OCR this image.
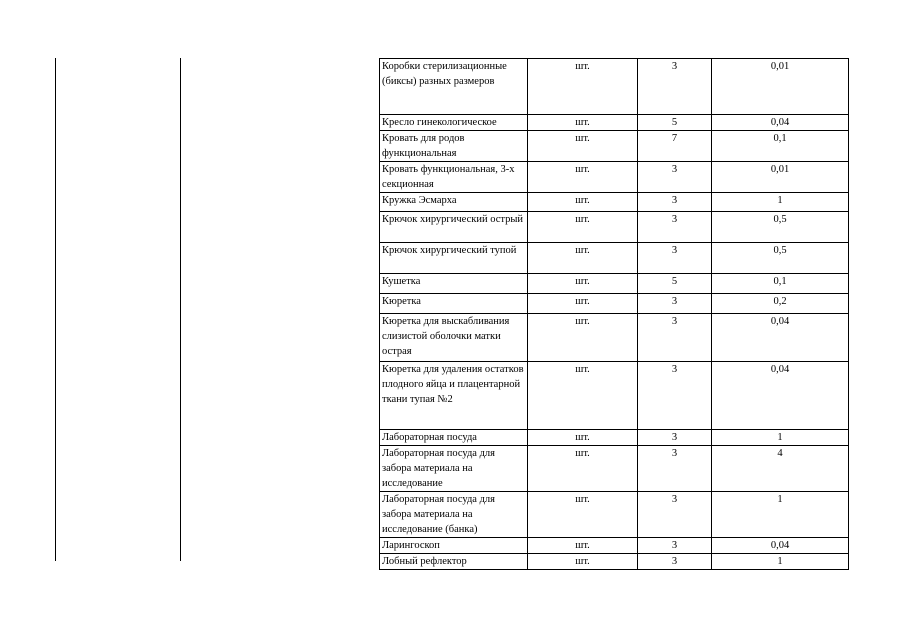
Коробки стерилизационные (биксы) разных размеров	шт.	3	0,01
Кресло гинекологическое	шт.	5	0,04
Кровать для родов функциональная	шт.	7	0,1
Кровать функциональная, 3-х секционная	шт.	3	0,01
Кружка Эсмарха	шт.	3	1
Крючок хирургический острый	шт.	3	0,5
Крючок хирургический тупой	шт.	3	0,5
Кушетка	шт.	5	0,1
Кюретка	шт.	3	0,2
Кюретка для выскабливания слизистой оболочки матки острая	шт.	3	0,04
Кюретка для удаления остатков плодного яйца и плацентарной ткани тупая №2	шт.	3	0,04
Лабораторная посуда	шт.	3	1
Лабораторная посуда для забора материала на исследование	шт.	3	4
Лабораторная посуда для забора материала на исследование (банка)	шт.	3	1
Ларингоскоп	шт.	3	0,04
Лобный рефлектор	шт.	3	1
